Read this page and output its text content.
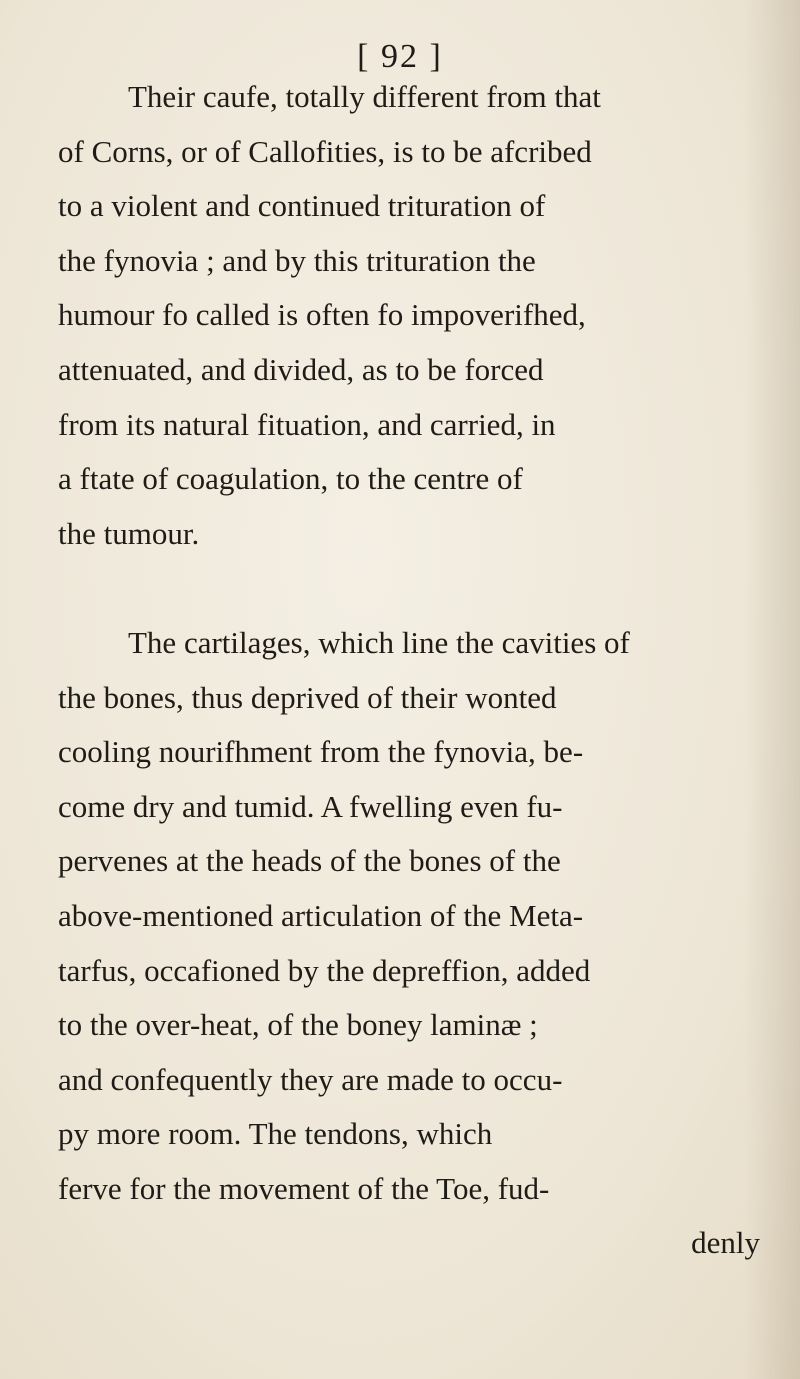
[ 92 ]
Their caufe, totally different from that
of Corns, or of Callofities, is to be afcribed
to a violent and continued trituration of
the fynovia ; and by this trituration the
humour fo called is often fo impoverifhed,
attenuated, and divided, as to be forced
from its natural fituation, and carried, in
a ftate of coagulation, to the centre of
the tumour.
The cartilages, which line the cavities of
the bones, thus deprived of their wonted
cooling nourifhment from the fynovia, be-
come dry and tumid. A fwelling even fu-
pervenes at the heads of the bones of the
above-mentioned articulation of the Meta-
tarfus, occafioned by the depreffion, added
to the over-heat, of the boney laminæ ;
and confequently they are made to occu-
py more room. The tendons, which
ferve for the movement of the Toe, fud-
denly
